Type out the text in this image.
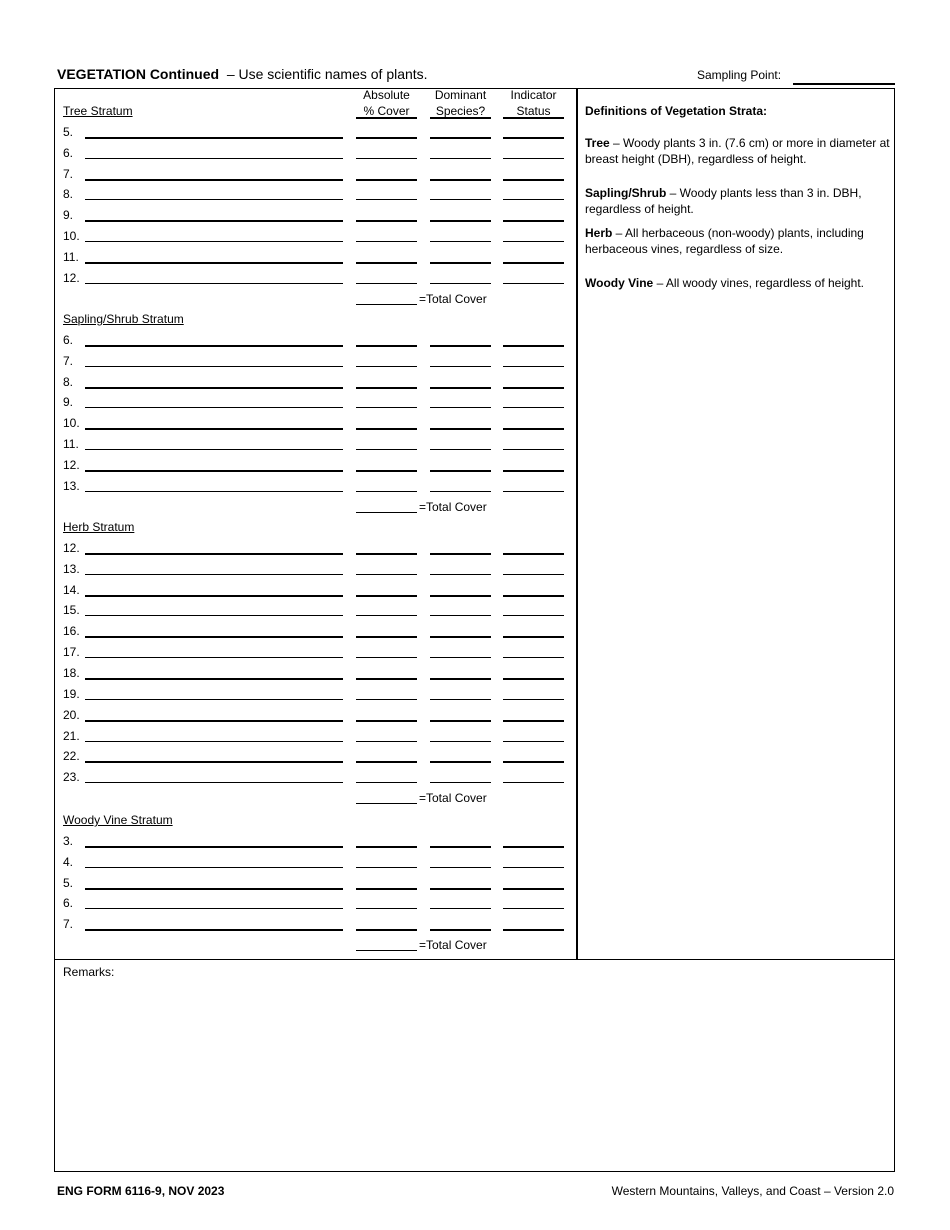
VEGETATION Continued – Use scientific names of plants.	Sampling Point:
Absolute
% Cover
Dominant
Species?
Indicator
Status
Tree Stratum
5.
6.
7.
8.
9.
10.
11.
12.
=Total Cover
Sapling/Shrub Stratum
6.
7.
8.
9.
10.
11.
12.
13.
=Total Cover
Herb Stratum
12.
13.
14.
15.
16.
17.
18.
19.
20.
21.
22.
23.
=Total Cover
Woody Vine Stratum
3.
4.
5.
6.
7.
=Total Cover
Definitions of Vegetation Strata:

Tree – Woody plants 3 in. (7.6 cm) or more in diameter at breast height (DBH), regardless of height.

Sapling/Shrub – Woody plants less than 3 in. DBH, regardless of height.

Herb – All herbaceous (non-woody) plants, including herbaceous vines, regardless of size.

Woody Vine – All woody vines, regardless of height.

Remarks:
ENG FORM 6116-9, NOV 2023	Western Mountains, Valleys, and Coast – Version 2.0
